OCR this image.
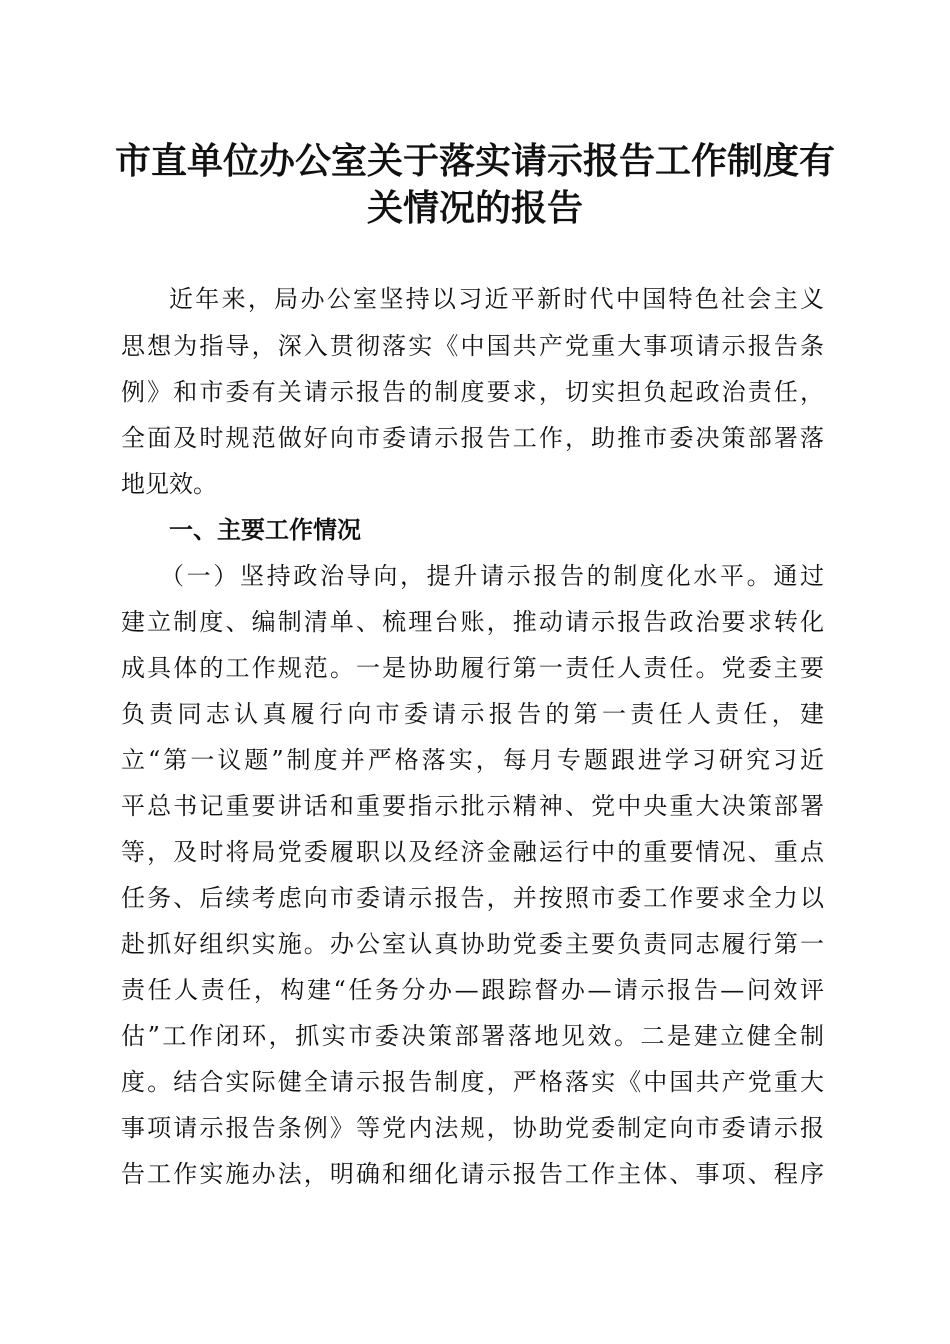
市直单位办公室关于落实请示报告工作制度有
关情况的报告

近年来，局办公室坚持以习近平新时代中国特色社会主义

思想为指导，深入贯彻落实《中国共产党重大事项请示报告条

例》和市委有关请示报告的制度要求，切实担负起政治责任，

全面及时规范做好向市委请示报告工作，助推市委决策部署落

地见效。

一、主要工作情况

（一）坚持政治导向，提升请示报告的制度化水平。通过

建立制度、编制清单、梳理台账，推动请示报告政治要求转化

成具体的工作规范。一是协助履行第一责任人责任。党委主要

负责同志认真履行向市委请示报告的第一责任人责任，建

立“第一议题”制度并严格落实，每月专题跟进学习研究习近

平总书记重要讲话和重要指示批示精神、党中央重大决策部署

等，及时将局党委履职以及经济金融运行中的重要情况、重点

任务、后续考虑向市委请示报告，并按照市委工作要求全力以

赴抓好组织实施。办公室认真协助党委主要负责同志履行第一

责任人责任，构建“任务分办—跟踪督办—请示报告—问效评

估”工作闭环，抓实市委决策部署落地见效。二是建立健全制

度。结合实际健全请示报告制度，严格落实《中国共产党重大

事项请示报告条例》等党内法规，协助党委制定向市委请示报

告工作实施办法，明确和细化请示报告工作主体、事项、程序
